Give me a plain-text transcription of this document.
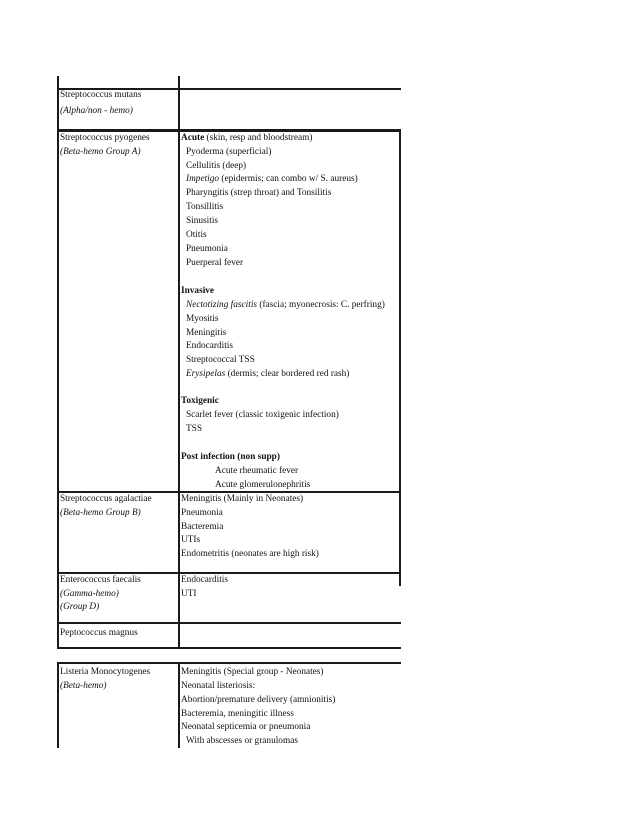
Streptococcus mutans
(Alpha/non - hemo)
Streptococcus pyogenes
(Beta-hemo Group A)
Acute (skin, resp and bloodstream)
Pyoderma (superficial)
Cellulitis (deep)
Impetigo (epidermis; can combo w/ S. aureus)
Pharyngitis (strep throat) and Tonsilitis
Tonsillitis
Sinusitis
Otitis
Pneumonia
Puerperal fever
Invasive
Nectotizing fascitis (fascia; myonecrosis: C. perfring)
Myositis
Meningitis
Endocarditis
Streptococcal TSS
Erysipelas (dermis; clear bordered red rash)
Toxigenic
Scarlet fever (classic toxigenic infection)
TSS
Post infection (non supp)
Acute rheumatic fever
Acute glomerulonephritis
Streptococcus agalactiae
(Beta-hemo Group B)
Meningitis (Mainly in Neonates)
Pneumonia
Bacteremia
UTIs
Endometritis (neonates are high risk)
Enterococcus faecalis
(Gamma-hemo)
(Group D)
Endocarditis
UTI
Peptococcus magnus
Listeria Monocytogenes
(Beta-hemo)
Meningitis (Special group - Neonates)
Neonatal listeriosis:
Abortion/premature delivery (amnionitis)
Bacteremia, meningitic illness
Neonatal septicemia or pneumonia
With abscesses or granulomas
